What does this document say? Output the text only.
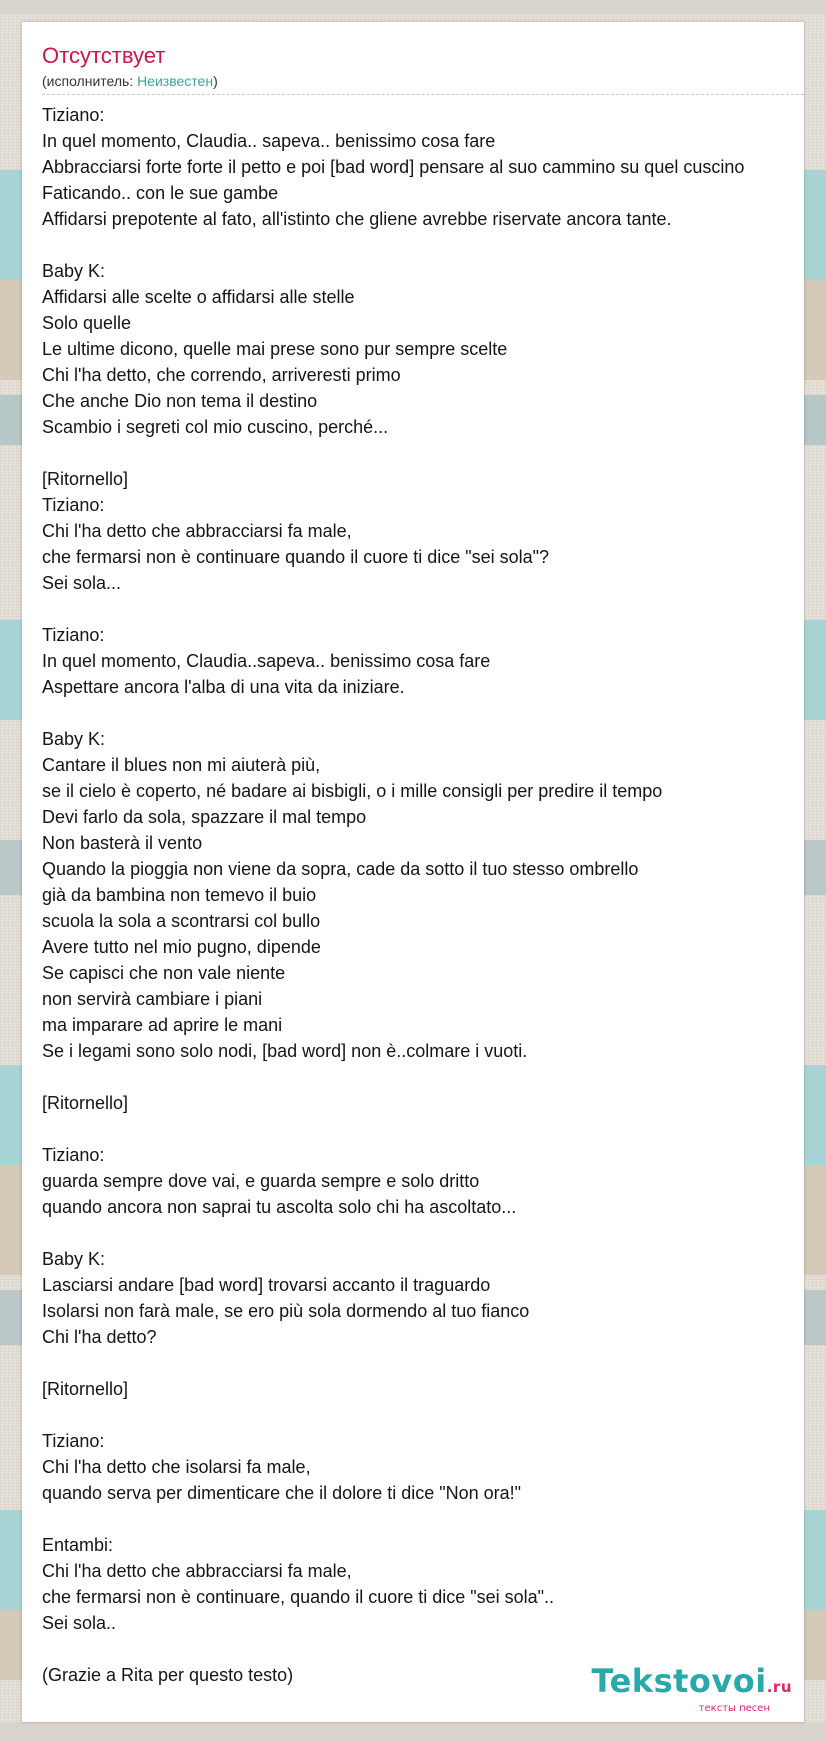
Отсутствует
(исполнитель: Неизвестен)
Tiziano:
In quel momento, Claudia.. sapeva.. benissimo cosa fare
Abbracciarsi forte forte il petto e poi [bad word] pensare al suo cammino su quel cuscino
Faticando.. con le sue gambe
Affidarsi prepotente al fato, all'istinto che gliene avrebbe riservate ancora tante.

Baby K:
Affidarsi alle scelte o affidarsi alle stelle
Solo quelle
Le ultime dicono, quelle mai prese sono pur sempre scelte
Chi l'ha detto, che correndo, arriveresti primo
Che anche Dio non tema il destino
Scambio i segreti col mio cuscino, perché...

[Ritornello]
Tiziano:
Chi l'ha detto che abbracciarsi fa male,
che fermarsi non è continuare quando il cuore ti dice "sei sola"?
Sei sola...

Tiziano:
In quel momento, Claudia..sapeva.. benissimo cosa fare
Aspettare ancora l'alba di una vita da iniziare.

Baby K:
Cantare il blues non mi aiuterà più,
se il cielo è coperto, né badare ai bisbigli, o i mille consigli per predire il tempo
Devi farlo da sola, spazzare il mal tempo
Non basterà il vento
Quando la pioggia non viene da sopra, cade da sotto il tuo stesso ombrello
già da bambina non temevo il buio
scuola la sola a scontrarsi col bullo
Avere tutto nel mio pugno, dipende
Se capisci che non vale niente
non servirà cambiare i piani
ma imparare ad aprire le mani
Se i legami sono solo nodi, [bad word] non è..colmare i vuoti.

[Ritornello]

Tiziano:
guarda sempre dove vai, e guarda sempre e solo dritto
quando ancora non saprai tu ascolta solo chi ha ascoltato...

Baby K:
Lasciarsi andare [bad word] trovarsi accanto il traguardo
Isolarsi non farà male, se ero più sola dormendo al tuo fianco
Chi l'ha detto?

[Ritornello]

Tiziano:
Chi l'ha detto che isolarsi fa male,
quando serva per dimenticare che il dolore ti dice "Non ora!"

Entambi:
Chi l'ha detto che abbracciarsi fa male,
che fermarsi non è continuare, quando il cuore ti dice "sei sola"..
Sei sola..

(Grazie a Rita per questo testo)	Tekstovoi.ru
тексты песен
